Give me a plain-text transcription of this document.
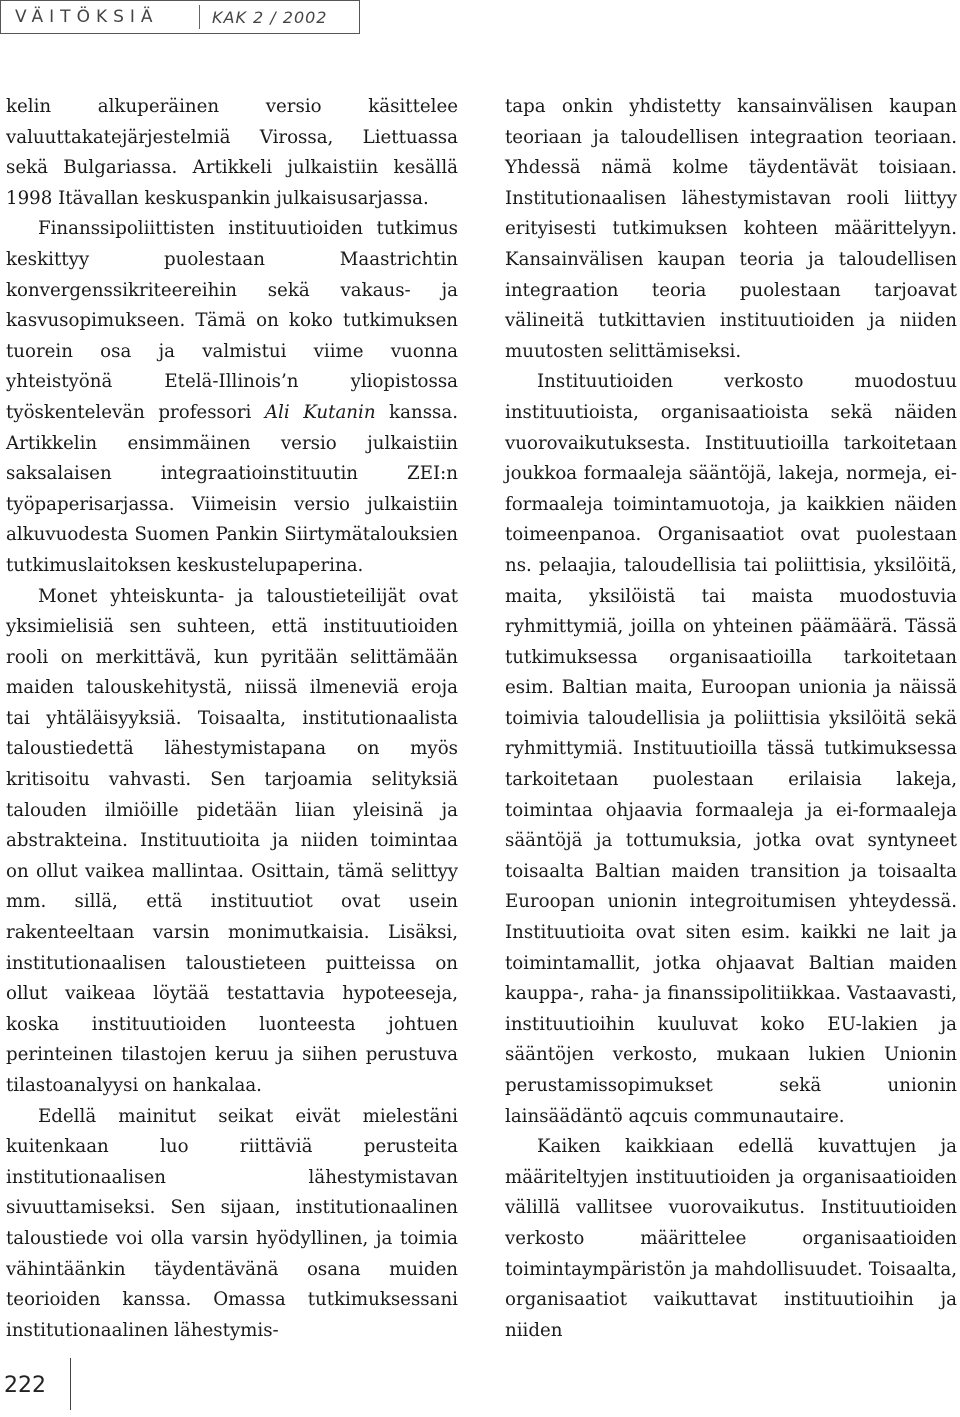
VÄITÖKSIÄ	KAK 2 / 2002

kelin alkuperäinen versio käsittelee valuuttakatejärjestelmiä Virossa, Liettuassa sekä Bulgariassa. Artikkeli julkaistiin kesällä 1998 Itävallan keskuspankin julkaisusarjassa.

Finanssipoliittisten instituutioiden tutkimus keskittyy puolestaan Maastrichtin konvergenssikriteereihin sekä vakaus- ja kasvusopimukseen. Tämä on koko tutkimuksen tuorein osa ja valmistui viime vuonna yhteistyönä Etelä-Illinois’n yliopistossa työskentelevän professori Ali Kutanin kanssa. Artikkelin ensimmäinen versio julkaistiin saksalaisen integraatioinstituutin ZEI:n työpaperisarjassa. Viimeisin versio julkaistiin alkuvuodesta Suomen Pankin Siirtymätalouksien tutkimuslaitoksen keskustelupaperina.

Monet yhteiskunta- ja taloustieteilijät ovat yksimielisiä sen suhteen, että instituutioiden rooli on merkittävä, kun pyritään selittämään maiden talouskehitystä, niissä ilmeneviä eroja tai yhtäläisyyksiä. Toisaalta, institutionaalista taloustiedettä lähestymistapana on myös kritisoitu vahvasti. Sen tarjoamia selityksiä talouden ilmiöille pidetään liian yleisinä ja abstrakteina. Instituutioita ja niiden toimintaa on ollut vaikea mallintaa. Osittain, tämä selittyy mm. sillä, että instituutiot ovat usein rakenteeltaan varsin monimutkaisia. Lisäksi, institutionaalisen taloustieteen puitteissa on ollut vaikeaa löytää testattavia hypoteeseja, koska instituutioiden luonteesta johtuen perinteinen tilastojen keruu ja siihen perustuva tilastoanalyysi on hankalaa.

Edellä mainitut seikat eivät mielestäni kuitenkaan luo riittäviä perusteita institutionaalisen lähestymistavan sivuuttamiseksi. Sen sijaan, institutionaalinen taloustiede voi olla varsin hyödyllinen, ja toimia vähintäänkin täydentävänä osana muiden teorioiden kanssa. Omassa tutkimuksessani institutionaalinen lähestymis-

tapa onkin yhdistetty kansainvälisen kaupan teoriaan ja taloudellisen integraation teoriaan. Yhdessä nämä kolme täydentävät toisiaan. Institutionaalisen lähestymistavan rooli liittyy erityisesti tutkimuksen kohteen määrittelyyn. Kansainvälisen kaupan teoria ja taloudellisen integraation teoria puolestaan tarjoavat välineitä tutkittavien instituutioiden ja niiden muutosten selittämiseksi.

Instituutioiden verkosto muodostuu instituutioista, organisaatioista sekä näiden vuorovaikutuksesta. Instituutioilla tarkoitetaan joukkoa formaaleja sääntöjä, lakeja, normeja, ei-formaaleja toimintamuotoja, ja kaikkien näiden toimeenpanoa. Organisaatiot ovat puolestaan ns. pelaajia, taloudellisia tai poliittisia, yksilöitä, maita, yksilöistä tai maista muodostuvia ryhmittymiä, joilla on yhteinen päämäärä. Tässä tutkimuksessa organisaatioilla tarkoitetaan esim. Baltian maita, Euroopan unionia ja näissä toimivia taloudellisia ja poliittisia yksilöitä sekä ryhmittymiä. Instituutioilla tässä tutkimuksessa tarkoitetaan puolestaan erilaisia lakeja, toimintaa ohjaavia formaaleja ja ei-formaaleja sääntöjä ja tottumuksia, jotka ovat syntyneet toisaalta Baltian maiden transition ja toisaalta Euroopan unionin integroitumisen yhteydessä. Instituutioita ovat siten esim. kaikki ne lait ja toimintamallit, jotka ohjaavat Baltian maiden kauppa-, raha- ja finanssipolitiikkaa. Vastaavasti, instituutioihin kuuluvat koko EU-lakien ja sääntöjen verkosto, mukaan lukien Unionin perustamissopimukset sekä unionin lainsäädäntö aqcuis communautaire.

Kaiken kaikkiaan edellä kuvattujen ja määriteltyjen instituutioiden ja organisaatioiden välillä vallitsee vuorovaikutus. Instituutioiden verkosto määrittelee organisaatioiden toimintaympäristön ja mahdollisuudet. Toisaalta, organisaatiot vaikuttavat instituutioihin ja niiden

222
